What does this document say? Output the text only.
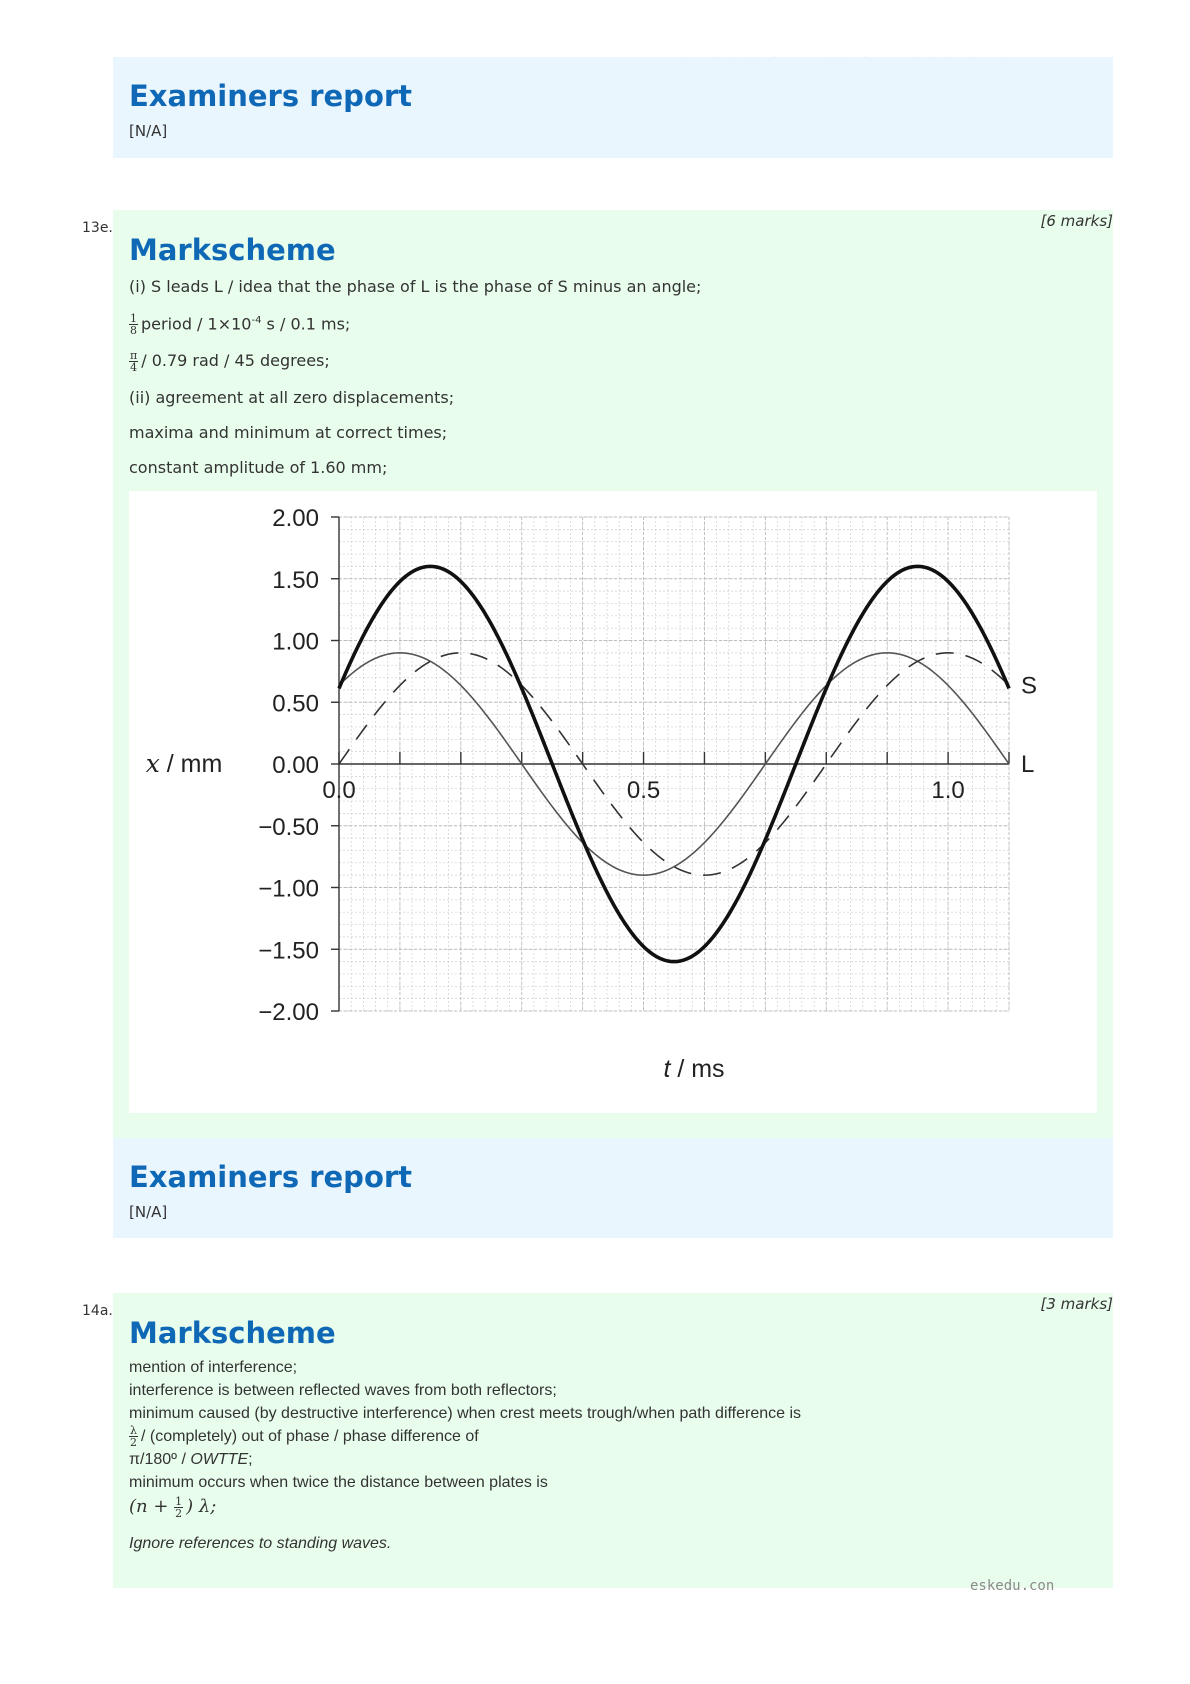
Examiners report
[N/A]
13e.	[6 marks]
Markscheme
(i) S leads L / idea that the phase of L is the phase of S minus an angle;
$\frac{1}{8}$ period / $1\times 10^{-4}$ s / 0.1 ms;
$\frac{\pi}{4} / 0.79$ rad / 45 degrees;
(ii) agreement at all zero displacements;
maxima and minimum at correct times;
constant amplitude of 1.60 mm;
2.00
1.50
1.00
0.50
0.00
−0.50
−1.00
−1.50
−2.00
0.0	0.5	1.0
L
S
t / ms
x / mm
Examiners report
[N/A]
14a.	[3 marks]
Markscheme
mention of interference;
interference is between reflected waves from both reflectors;
minimum caused (by destructive interference) when crest meets trough/when path difference is
$\frac{\lambda}{2}$ / (completely) out of phase / phase difference of
π/180º / OWTTE;
minimum occurs when twice the distance between plates is
($n + \frac{1}{2}$ ) λ;
Ignore references to standing waves.
eskedu.con
